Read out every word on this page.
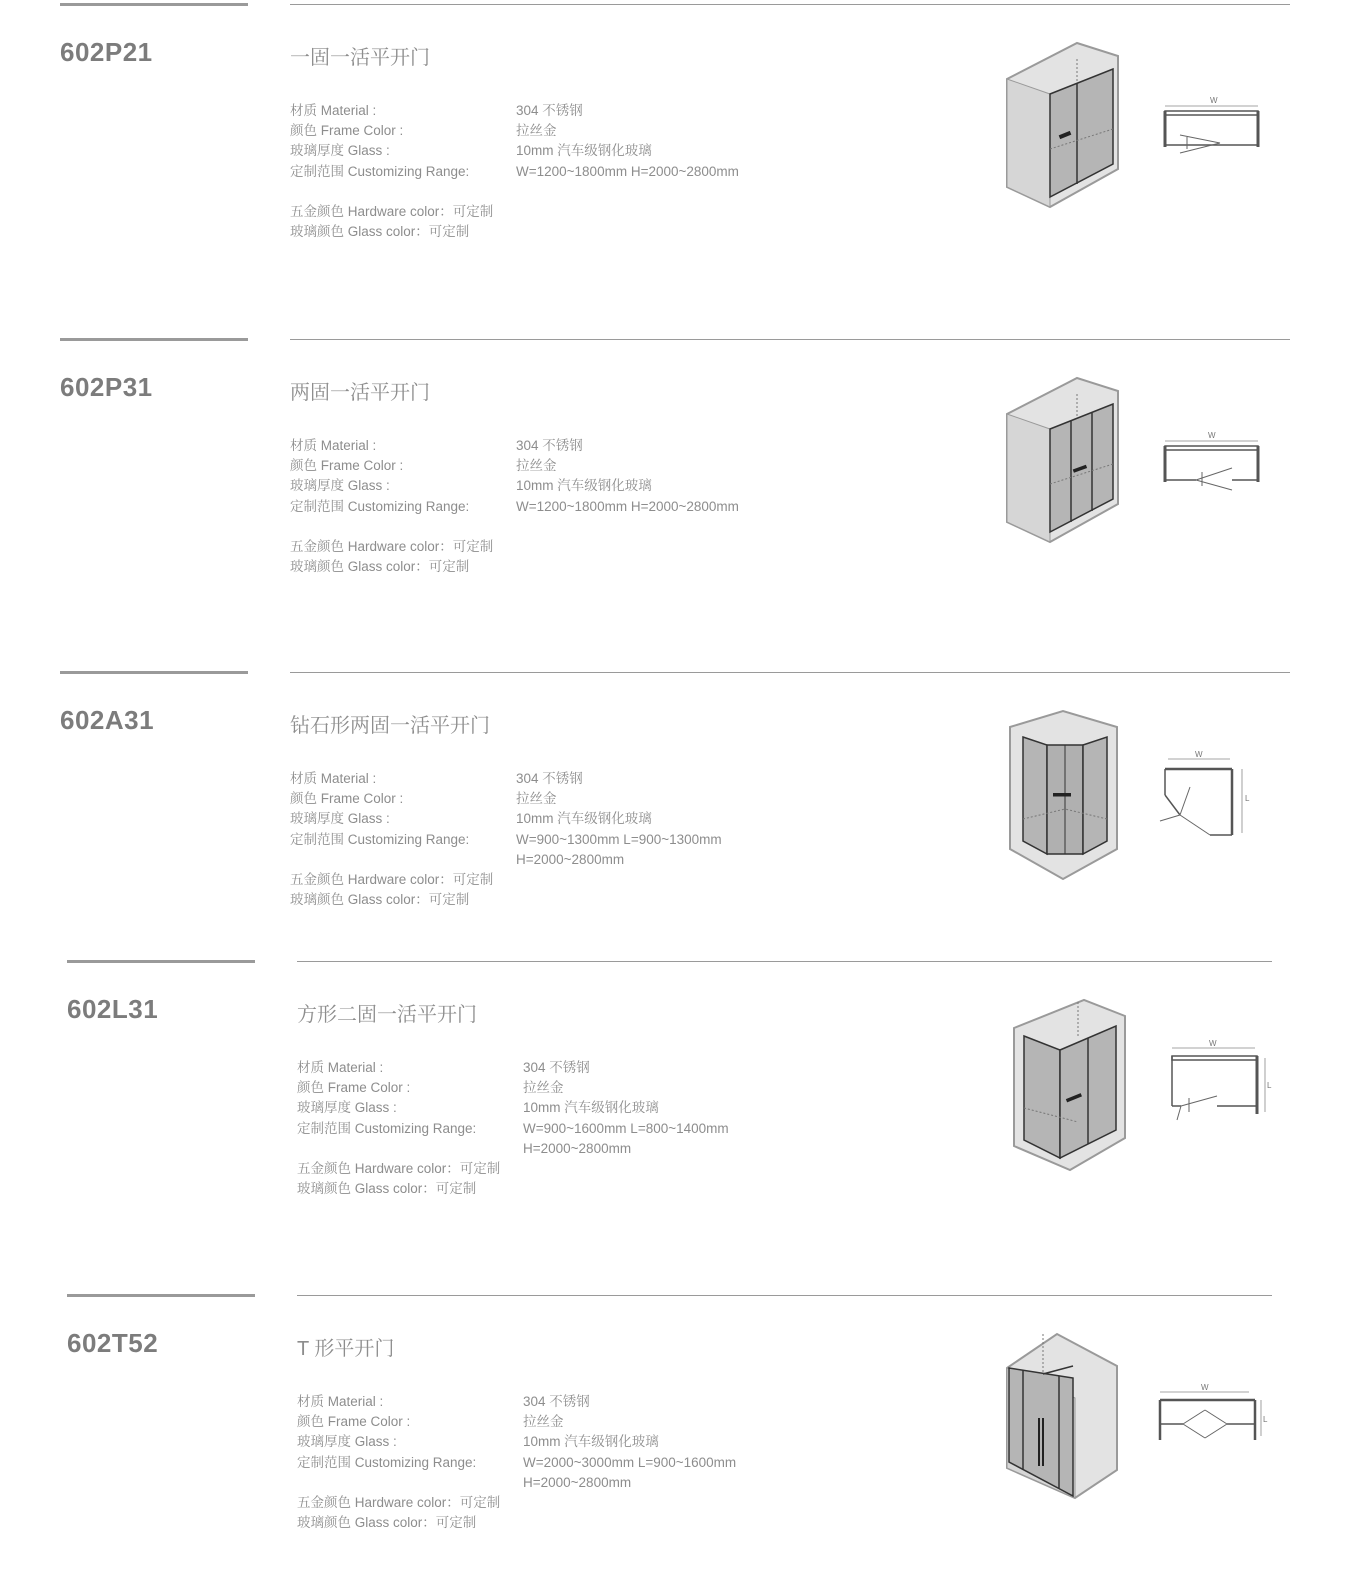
602P21	一固一活平开门
材质 Material :	304 不锈钢
颜色 Frame Color :	拉丝金
玻璃厚度 Glass :	10mm 汽车级钢化玻璃
定制范围 Customizing Range:	W=1200~1800mm H=2000~2800mm
五金颜色 Hardware color：可定制
玻璃颜色 Glass color：可定制
W
602P31	两固一活平开门
材质 Material :	304 不锈钢
颜色 Frame Color :	拉丝金
玻璃厚度 Glass :	10mm 汽车级钢化玻璃
定制范围 Customizing Range:	W=1200~1800mm H=2000~2800mm
五金颜色 Hardware color：可定制
玻璃颜色 Glass color：可定制
W
602A31	钻石形两固一活平开门
材质 Material :	304 不锈钢
颜色 Frame Color :	拉丝金
玻璃厚度 Glass :	10mm 汽车级钢化玻璃
定制范围 Customizing Range:	W=900~1300mm L=900~1300mm
H=2000~2800mm
五金颜色 Hardware color：可定制
玻璃颜色 Glass color：可定制
W
L
602L31	方形二固一活平开门
材质 Material :	304 不锈钢
颜色 Frame Color :	拉丝金
玻璃厚度 Glass :	10mm 汽车级钢化玻璃
定制范围 Customizing Range:	W=900~1600mm L=800~1400mm
H=2000~2800mm
五金颜色 Hardware color：可定制
玻璃颜色 Glass color：可定制
W
L
602T52	T 形平开门
材质 Material :	304 不锈钢
颜色 Frame Color :	拉丝金
玻璃厚度 Glass :	10mm 汽车级钢化玻璃
定制范围 Customizing Range:	W=2000~3000mm L=900~1600mm
H=2000~2800mm
五金颜色 Hardware color：可定制
玻璃颜色 Glass color：可定制
W
L
